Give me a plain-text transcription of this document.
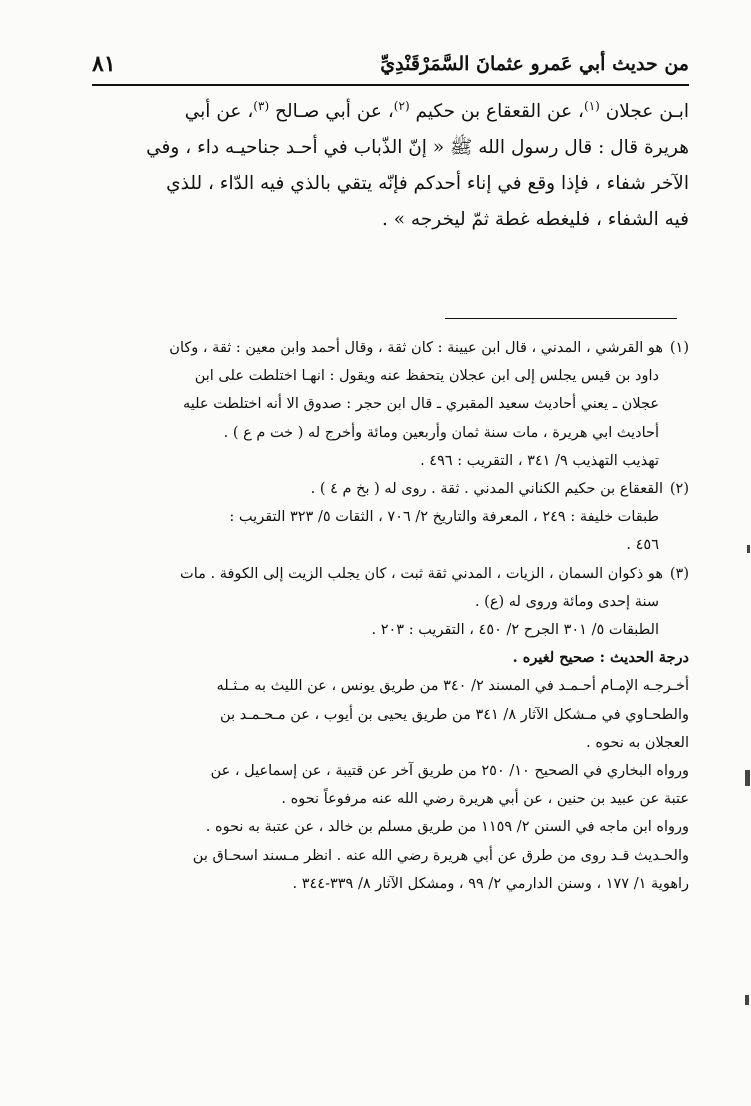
من حديث أبي عَمرو عثمانَ السَّمَرْقَنْدِيِّ
٨١

ابـن عجلان $^{(١)}$، عن القعقاع بن حكيم $^{(٢)}$، عن أبي صـالح $^{(٣)}$، عن أبي

هريرة قال : قال رسول الله ﷺ « إنّ الذّباب في أحـد جناحيـه داء ، وفي

الآخر شفاء ، فإذا وقع في إناء أحدكم فإنّه يتقي بالذي فيه الدّاء ، للذي

فيه الشفاء ، فليغطه غطة ثمّ ليخرجه » .

(١)هو القرشي ، المدني ، قال ابن عيينة : كان ثقة ، وقال أحمد وابن معين : ثقة ، وكان

داود بن قيس يجلس إلى ابن عجلان يتحفظ عنه ويقول : انهـا اختلطت على ابن

عجلان ـ يعني أحاديث سعيد المقبري ـ قال ابن حجر : صدوق الا أنه اختلطت عليه

أحاديث ابي هريرة ، مات سنة ثمان وأربعين ومائة وأخرج له ( خت م ع ) .

تهذيب التهذيب ٩/ ٣٤١ ، التقريب : ٤٩٦ .

(٢)القعقاع بن حكيم الكناني المدني . ثقة . روى له ( بخ م ٤ ) .

طبقات خليفة : ٢٤٩ ، المعرفة والتاريخ ٢/ ٧٠٦ ، الثقات ٥/ ٣٢٣ التقريب :

٤٥٦ .

(٣)هو ذكوان السمان ، الزيات ، المدني ثقة ثبت ، كان يجلب الزيت إلى الكوفة . مات

سنة إحدى ومائة وروى له (ع) .

الطبقات ٥/ ٣٠١ الجرح ٢/ ٤٥٠ ، التقريب : ٢٠٣ .

درجة الحديث : صحيح لغيره .

أخـرجـه الإمـام أحـمـد في المسند ٢/ ٣٤٠ من طريق يونس ، عن الليث به مـثـله

والطحـاوي في مـشكل الآثار ٨/ ٣٤١ من طريق يحيى بن أيوب ، عن مـحـمـد بن

العجلان به نحوه .

ورواه البخاري في الصحيح ١٠/ ٢٥٠ من طريق آخر عن قتيبة ، عن إسماعيل ، عن

عتبة عن عبيد بن حنين ، عن أبي هريرة رضي الله عنه مرفوعاً نحوه .

ورواه ابن ماجه في السنن ٢/ ١١٥٩ من طريق مسلم بن خالد ، عن عتبة به نحوه .

والحـديث قـد روى من طرق عن أبي هريرة رضي الله عنه . انظر مـسند اسحـاق بن

راهوية ١/ ١٧٧ ، وسنن الدارمي ٢/ ٩٩ ، ومشكل الآثار ٨/ ٣٣٩-٣٤٤ .
